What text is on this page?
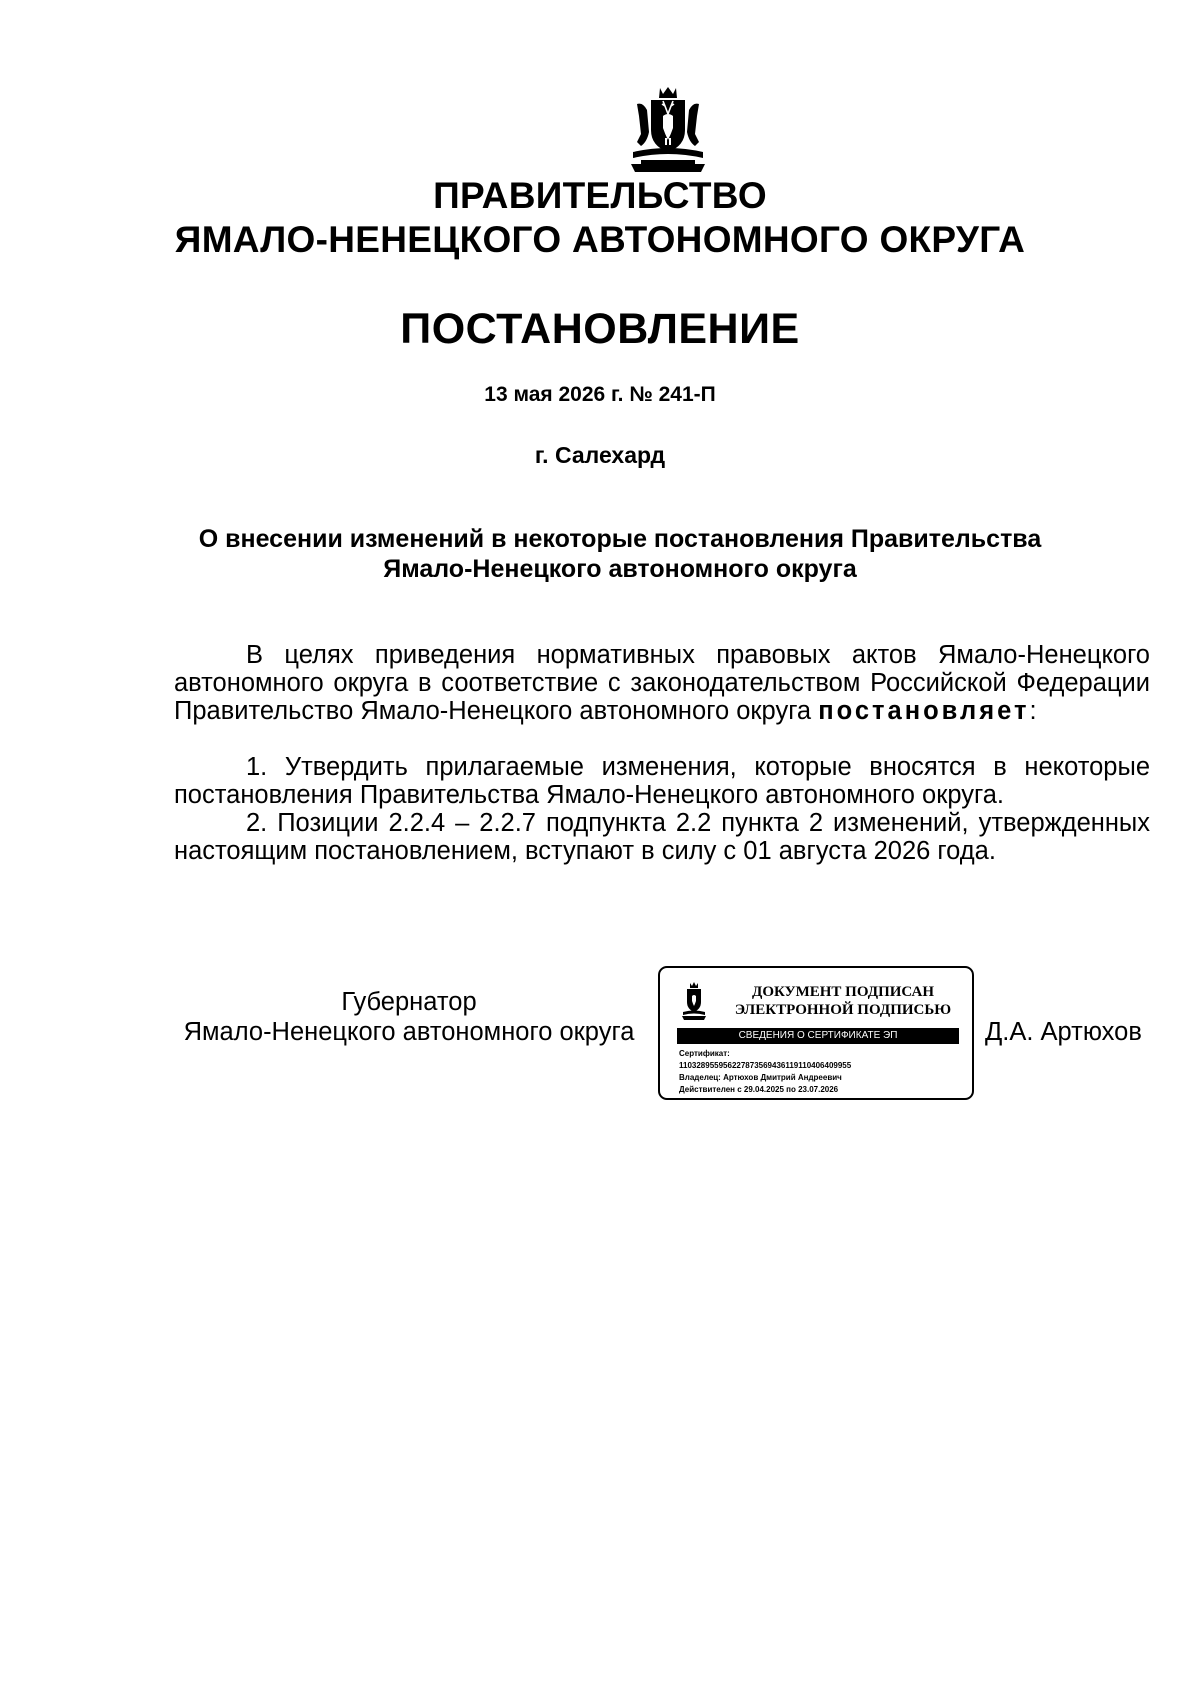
ПРАВИТЕЛЬСТВО
ЯМАЛО-НЕНЕЦКОГО АВТОНОМНОГО ОКРУГА
ПОСТАНОВЛЕНИЕ
13 мая 2026 г. № 241-П
г. Салехард
О внесении изменений в некоторые постановления Правительства
Ямало-Ненецкого автономного округа

В целях приведения нормативных правовых актов Ямало-Ненецкого автономного округа в соответствие с законодательством Российской Федерации Правительство Ямало-Ненецкого автономного округа постановляет:

1. Утвердить прилагаемые изменения, которые вносятся в некоторые постановления Правительства Ямало-Ненецкого автономного округа.

2. Позиции 2.2.4 – 2.2.7 подпункта 2.2 пункта 2 изменений, утвержденных настоящим постановлением, вступают в силу с 01 августа 2026 года.

Губернатор
Ямало-Ненецкого автономного округа
ДОКУМЕНТ ПОДПИСАН
ЭЛЕКТРОННОЙ ПОДПИСЬЮ
СВЕДЕНИЯ О СЕРТИФИКАТЕ ЭП
Сертификат:
110328955956227873569436119110406409955
Владелец: Артюхов Дмитрий Андреевич
Действителен с 29.04.2025 по 23.07.2026
Д.А. Артюхов
